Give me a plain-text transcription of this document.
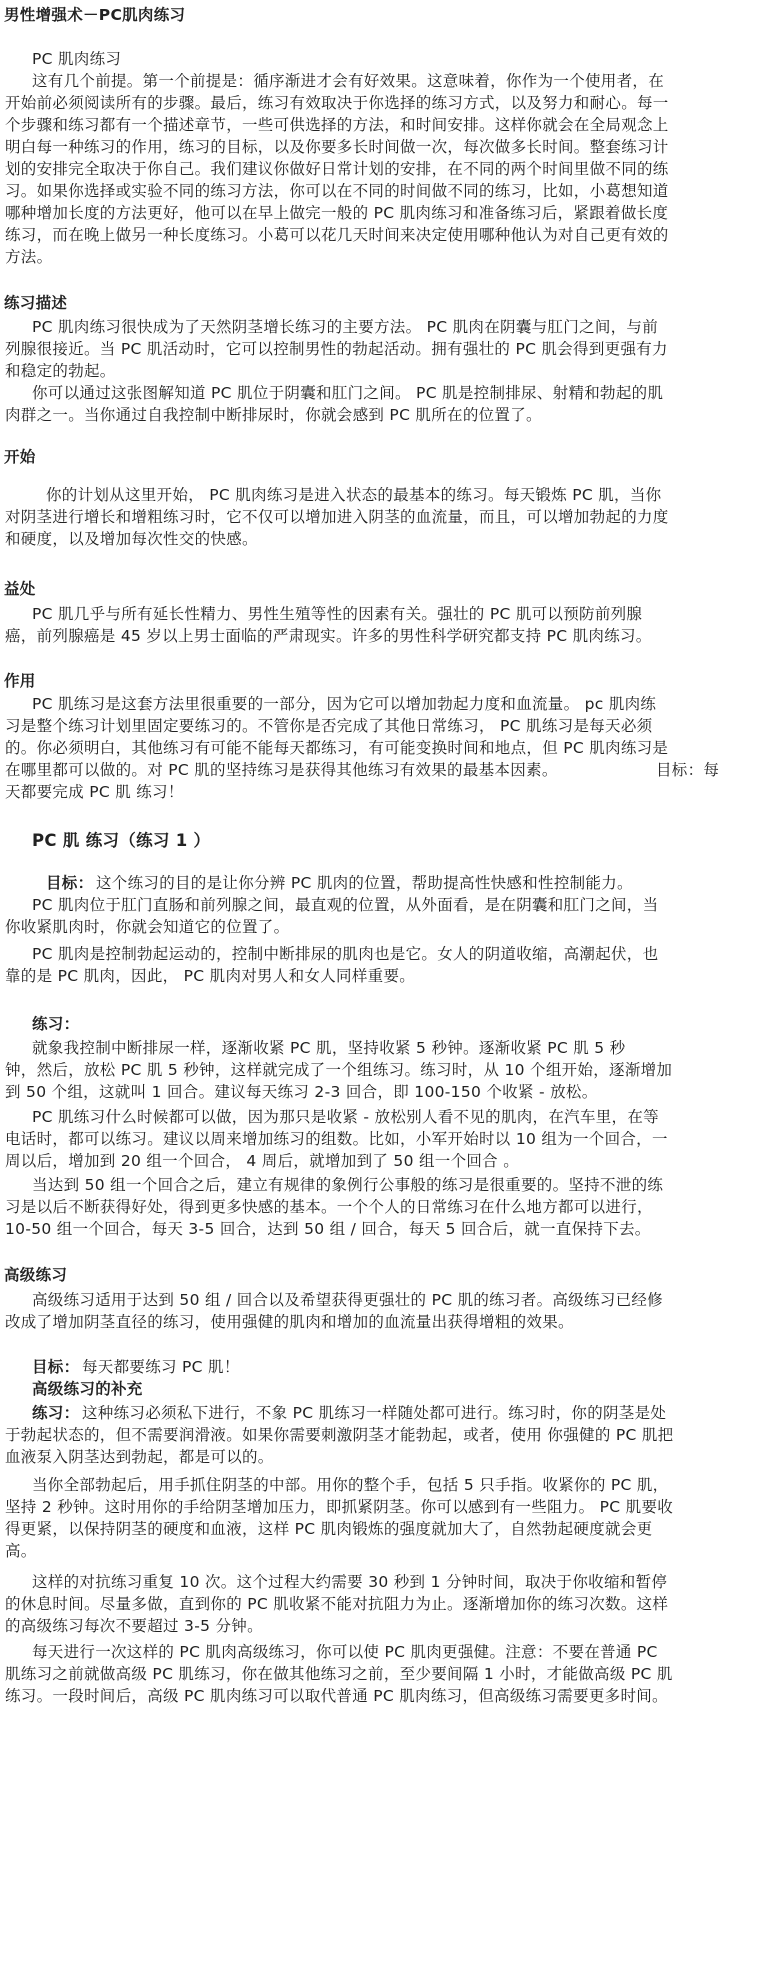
男性增强术－PC肌肉练习
PC 肌肉练习
这有几个前提。第一个前提是：循序渐进才会有好效果。这意味着，你作为一个使用者，在
开始前必须阅读所有的步骤。最后，练习有效取决于你选择的练习方式，以及努力和耐心。每一
个步骤和练习都有一个描述章节，一些可供选择的方法，和时间安排。这样你就会在全局观念上
明白每一种练习的作用，练习的目标，以及你要多长时间做一次，每次做多长时间。整套练习计
划的安排完全取决于你自己。我们建议你做好日常计划的安排，在不同的两个时间里做不同的练
习。如果你选择或实验不同的练习方法，你可以在不同的时间做不同的练习，比如，小葛想知道
哪种增加长度的方法更好，他可以在早上做完一般的 PC 肌肉练习和准备练习后，紧跟着做长度
练习，而在晚上做另一种长度练习。小葛可以花几天时间来决定使用哪种他认为对自己更有效的
方法。
练习描述
PC 肌肉练习很快成为了天然阴茎增长练习的主要方法。 PC 肌肉在阴囊与肛门之间，与前
列腺很接近。当 PC 肌活动时，它可以控制男性的勃起活动。拥有强壮的 PC 肌会得到更强有力
和稳定的勃起。
你可以通过这张图解知道 PC 肌位于阴囊和肛门之间。 PC 肌是控制排尿、射精和勃起的肌
肉群之一。当你通过自我控制中断排尿时，你就会感到 PC 肌所在的位置了。
开始
你的计划从这里开始， PC 肌肉练习是进入状态的最基本的练习。每天锻炼 PC 肌，当你
对阴茎进行增长和增粗练习时，它不仅可以增加进入阴茎的血流量，而且，可以增加勃起的力度
和硬度，以及增加每次性交的快感。
益处
PC 肌几乎与所有延长性精力、男性生殖等性的因素有关。强壮的 PC 肌可以预防前列腺
癌，前列腺癌是 45 岁以上男士面临的严肃现实。许多的男性科学研究都支持 PC 肌肉练习。
作用
PC 肌练习是这套方法里很重要的一部分，因为它可以增加勃起力度和血流量。 pc 肌肉练
习是整个练习计划里固定要练习的。不管你是否完成了其他日常练习， PC 肌练习是每天必须
的。你必须明白，其他练习有可能不能每天都练习，有可能变换时间和地点，但 PC 肌肉练习是
在哪里都可以做的。对 PC 肌的坚持练习是获得其他练习有效果的最基本因素。	目标：每
天都要完成 PC 肌 练习！
PC 肌 练习（练习 1 ）
目标： 这个练习的目的是让你分辨 PC 肌肉的位置，帮助提高性快感和性控制能力。
PC 肌肉位于肛门直肠和前列腺之间，最直观的位置，从外面看，是在阴囊和肛门之间，当
你收紧肌肉时，你就会知道它的位置了。
PC 肌肉是控制勃起运动的，控制中断排尿的肌肉也是它。女人的阴道收缩，高潮起伏，也
靠的是 PC 肌肉，因此， PC 肌肉对男人和女人同样重要。
练习：
就象我控制中断排尿一样，逐渐收紧 PC 肌，坚持收紧 5 秒钟。逐渐收紧 PC 肌 5 秒
钟，然后，放松 PC 肌 5 秒钟，这样就完成了一个组练习。练习时，从 10 个组开始，逐渐增加
到 50 个组，这就叫 1 回合。建议每天练习 2-3 回合，即 100-150 个收紧 - 放松。
PC 肌练习什么时候都可以做，因为那只是收紧 - 放松别人看不见的肌肉，在汽车里，在等
电话时，都可以练习。建议以周来增加练习的组数。比如，小军开始时以 10 组为一个回合，一
周以后，增加到 20 组一个回合， 4 周后，就增加到了 50 组一个回合 。
当达到 50 组一个回合之后，建立有规律的象例行公事般的练习是很重要的。坚持不泄的练
习是以后不断获得好处，得到更多快感的基本。一个个人的日常练习在什么地方都可以进行，
10-50 组一个回合，每天 3-5 回合，达到 50 组 / 回合，每天 5 回合后，就一直保持下去。
高级练习
高级练习适用于达到 50 组 / 回合以及希望获得更强壮的 PC 肌的练习者。高级练习已经修
改成了增加阴茎直径的练习，使用强健的肌肉和增加的血流量出获得增粗的效果。
目标： 每天都要练习 PC 肌！
高级练习的补充
练习： 这种练习必须私下进行，不象 PC 肌练习一样随处都可进行。练习时，你的阴茎是处
于勃起状态的，但不需要润滑液。如果你需要刺激阴茎才能勃起，或者，使用 你强健的 PC 肌把
血液泵入阴茎达到勃起，都是可以的。
当你全部勃起后，用手抓住阴茎的中部。用你的整个手，包括 5 只手指。收紧你的 PC 肌，
坚持 2 秒钟。这时用你的手给阴茎增加压力，即抓紧阴茎。你可以感到有一些阻力。 PC 肌要收
得更紧，以保持阴茎的硬度和血液，这样 PC 肌肉锻炼的强度就加大了，自然勃起硬度就会更
高。
这样的对抗练习重复 10 次。这个过程大约需要 30 秒到 1 分钟时间，取决于你收缩和暂停
的休息时间。尽量多做，直到你的 PC 肌收紧不能对抗阻力为止。逐渐增加你的练习次数。这样
的高级练习每次不要超过 3-5 分钟。
每天进行一次这样的 PC 肌肉高级练习，你可以使 PC 肌肉更强健。注意：不要在普通 PC
肌练习之前就做高级 PC 肌练习，你在做其他练习之前，至少要间隔 1 小时，才能做高级 PC 肌
练习。一段时间后，高级 PC 肌肉练习可以取代普通 PC 肌肉练习，但高级练习需要更多时间。
